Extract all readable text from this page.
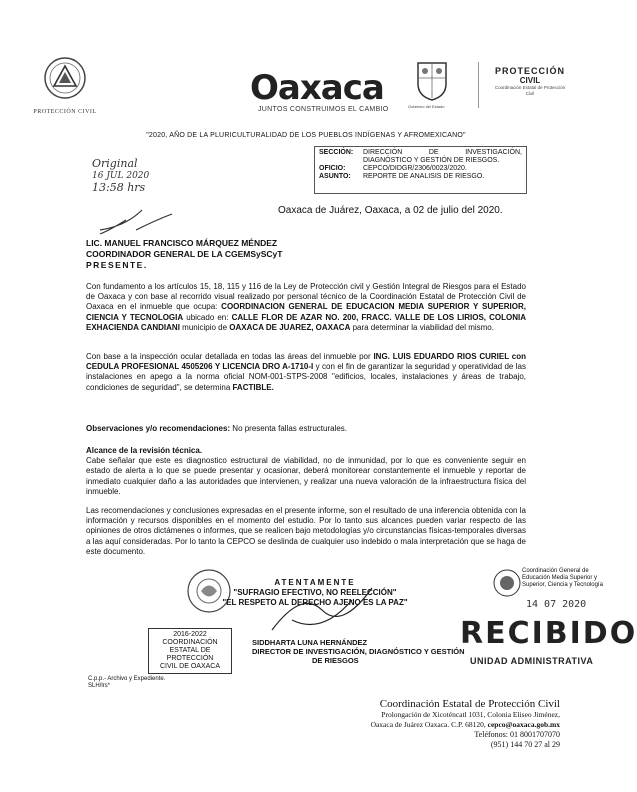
PROTECCIÓN CIVIL
Oaxaca
JUNTOS CONSTRUIMOS EL CAMBIO	Gobierno del Estado
PROTECCIÓN
CIVIL
Coordinación Estatal de Protección Civil
"2020, AÑO DE LA PLURICULTURALIDAD DE LOS PUEBLOS INDÍGENAS Y AFROMEXICANO"
Original
16 JUL 2020
13:58 hrs
SECCIÓN:	DIRECCIÓN DE INVESTIGACIÓN, DIAGNÓSTICO Y GESTIÓN DE RIESGOS.
OFICIO:	CEPCO/DIDGR/2306/0023/2020.
ASUNTO:	REPORTE DE ANALISIS DE RIESGO.
Oaxaca de Juárez, Oaxaca, a 02 de julio del 2020.
LIC. MANUEL FRANCISCO MÁRQUEZ MÉNDEZ
COORDINADOR GENERAL DE LA CGEMSySCyT
PRESENTE.
Con fundamento a los artículos 15, 18, 115 y 116 de la Ley de Protección civil y Gestión Integral de Riesgos para el Estado de Oaxaca y con base al recorrido visual realizado por personal técnico de la Coordinación Estatal de Protección Civil de Oaxaca en el inmueble que ocupa: COORDINACION GENERAL DE EDUCACION MEDIA SUPERIOR Y SUPERIOR, CIENCIA Y TECNOLOGIA ubicado en: CALLE FLOR DE AZAR NO. 200, FRACC. VALLE DE LOS LIRIOS, COLONIA EXHACIENDA CANDIANI municipio de OAXACA DE JUAREZ, OAXACA para determinar la viabilidad del mismo.
Con base a la inspección ocular detallada en todas las áreas del inmueble por ING. LUIS EDUARDO RIOS CURIEL con CEDULA PROFESIONAL 4505206 Y LICENCIA DRO A-1710-I y con el fin de garantizar la seguridad y operatividad de las instalaciones en apego a la norma oficial NOM-001-STPS-2008 "edificios, locales, instalaciones y áreas de trabajo, condiciones de seguridad", se determina FACTIBLE.
Observaciones y/o recomendaciones: No presenta fallas estructurales.
Alcance de la revisión técnica.
Cabe señalar que este es diagnostico estructural de viabilidad, no de inmunidad, por lo que es conveniente seguir en estado de alerta a lo que se puede presentar y ocasionar, deberá monitorear constantemente el inmueble y reportar de inmediato cualquier daño a las autoridades que intervienen, y realizar una nueva valoración de la infraestructura física del inmueble.
Las recomendaciones y conclusiones expresadas en el presente informe, son el resultado de una inferencia obtenida con la información y recursos disponibles en el momento del estudio. Por lo tanto sus alcances pueden variar respecto de las opiniones de otros dictámenes o informes, que se realicen bajo metodologías y/o circunstancias físicas-temporales diversas a las aquí consideradas. Por lo tanto la CEPCO se deslinda de cualquier uso indebido o mala interpretación que se haga de este documento.
ATENTAMENTE
"SUFRAGIO EFECTIVO, NO REELECCIÓN"
"EL RESPETO AL DERECHO AJENO ES LA PAZ"
SIDDHARTA LUNA HERNÁNDEZ
DIRECTOR DE INVESTIGACIÓN, DIAGNÓSTICO Y GESTIÓN
DE RIESGOS
2016-2022
COORDINACIÓN
ESTATAL DE
PROTECCIÓN
CIVIL DE OAXACA
C.p.p.- Archivo y Expediente.
SLH/lrs*
Coordinación General de Educación Media Superior y Superior, Ciencia y Tecnología
14 07 2020
RECIBIDO
UNIDAD ADMINISTRATIVA
Coordinación Estatal de Protección Civil
Prolongación de Xicoténcatl 1031, Colonia Eliseo Jiménez,
Oaxaca de Juárez Oaxaca. C.P. 68120, cepco@oaxaca.gob.mx
Teléfonos: 01 8001707070
(951) 144 70 27 al 29
